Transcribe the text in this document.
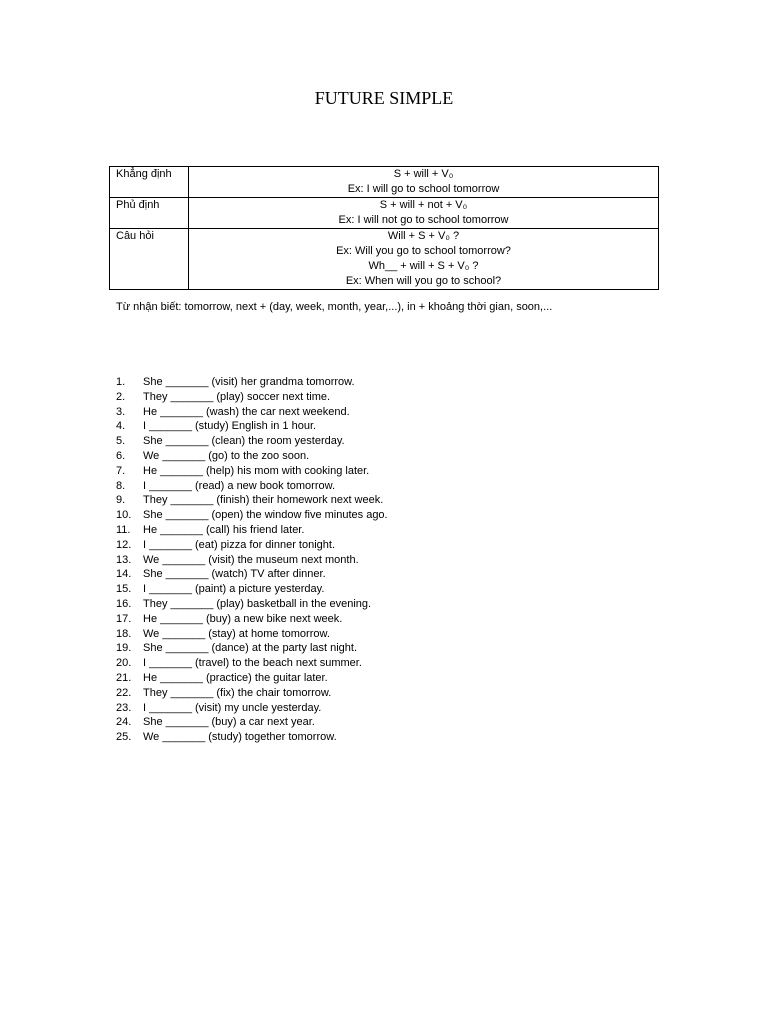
FUTURE SIMPLE
Khẳng định	S + will + V₀
Ex: I will go to school tomorrow

Phủ định	S + will + not + V₀
Ex: I will not go to school tomorrow

Câu hỏi	Will + S + V₀ ?
Ex: Will you go to school tomorrow?
Wh__ + will + S + V₀ ?
Ex: When will you go to school?
Từ nhận biết: tomorrow, next + (day, week, month, year,...), in + khoảng thời gian, soon,...
1. She _______ (visit) her grandma tomorrow.
2. They _______ (play) soccer next time.
3. He _______ (wash) the car next weekend.
4. I _______ (study) English in 1 hour.
5. She _______ (clean) the room yesterday.
6. We _______ (go) to the zoo soon.
7. He _______ (help) his mom with cooking later.
8. I _______ (read) a new book tomorrow.
9. They _______ (finish) their homework next week.
10. She _______ (open) the window five minutes ago.
11. He _______ (call) his friend later.
12. I _______ (eat) pizza for dinner tonight.
13. We _______ (visit) the museum next month.
14. She _______ (watch) TV after dinner.
15. I _______ (paint) a picture yesterday.
16. They _______ (play) basketball in the evening.
17. He _______ (buy) a new bike next week.
18. We _______ (stay) at home tomorrow.
19. She _______ (dance) at the party last night.
20. I _______ (travel) to the beach next summer.
21. He _______ (practice) the guitar later.
22. They _______ (fix) the chair tomorrow.
23. I _______ (visit) my uncle yesterday.
24. She _______ (buy) a car next year.
25. We _______ (study) together tomorrow.
